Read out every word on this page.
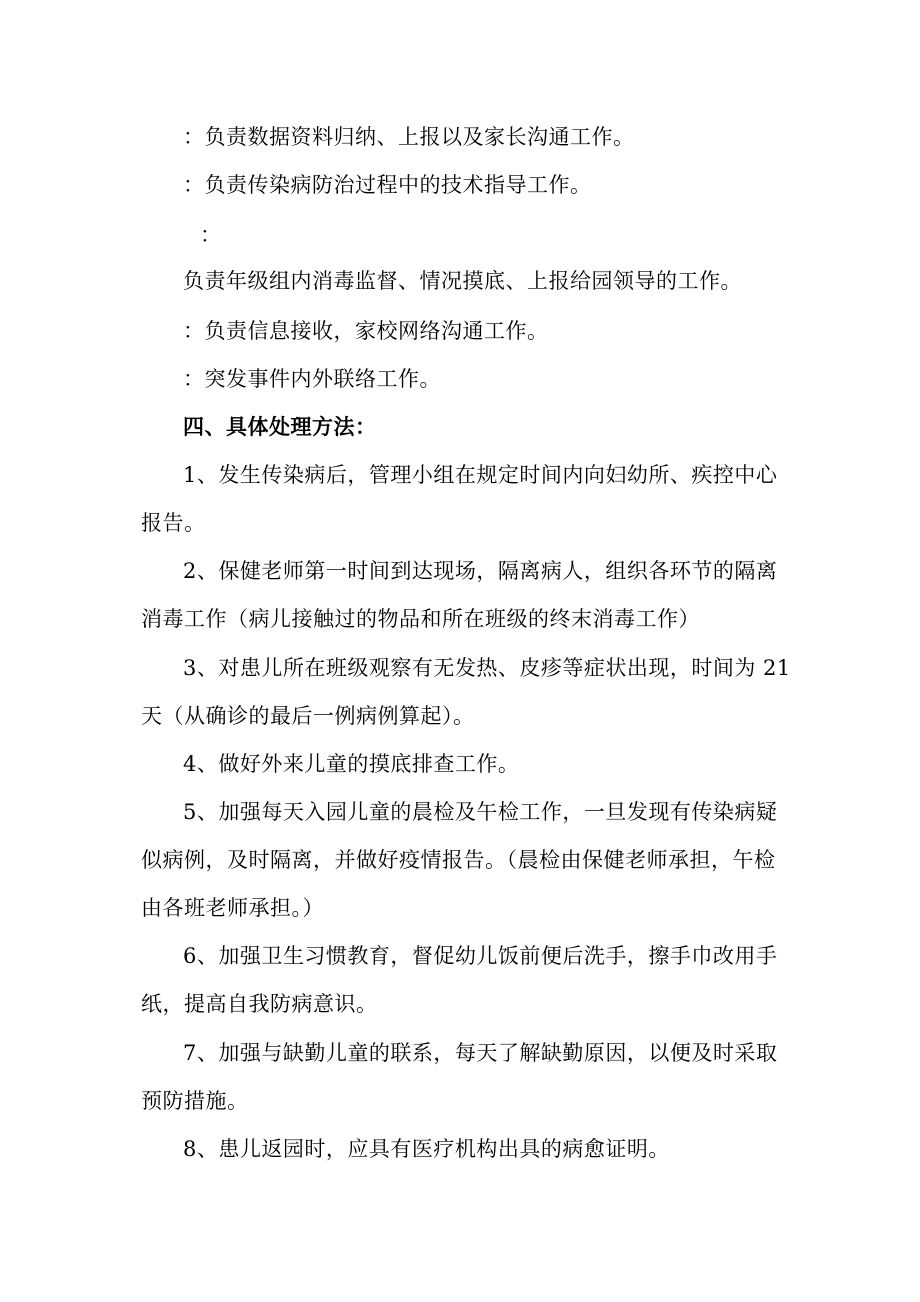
：负责数据资料归纳、上报以及家长沟通工作。
：负责传染病防治过程中的技术指导工作。
：
负责年级组内消毒监督、情况摸底、上报给园领导的工作。
：负责信息接收，家校网络沟通工作。
：突发事件内外联络工作。
四、具体处理方法：
1、发生传染病后，管理小组在规定时间内向妇幼所、疾控中心
报告。
2、保健老师第一时间到达现场，隔离病人，组织各环节的隔离
消毒工作（病儿接触过的物品和所在班级的终末消毒工作）
3、对患儿所在班级观察有无发热、皮疹等症状出现，时间为 21
天（从确诊的最后一例病例算起）。
4、做好外来儿童的摸底排查工作。
5、加强每天入园儿童的晨检及午检工作，一旦发现有传染病疑
似病例，及时隔离，并做好疫情报告。（晨检由保健老师承担，午检
由各班老师承担。）
6、加强卫生习惯教育，督促幼儿饭前便后洗手，擦手巾改用手
纸，提高自我防病意识。
7、加强与缺勤儿童的联系，每天了解缺勤原因，以便及时采取
预防措施。
8、患儿返园时，应具有医疗机构出具的病愈证明。
